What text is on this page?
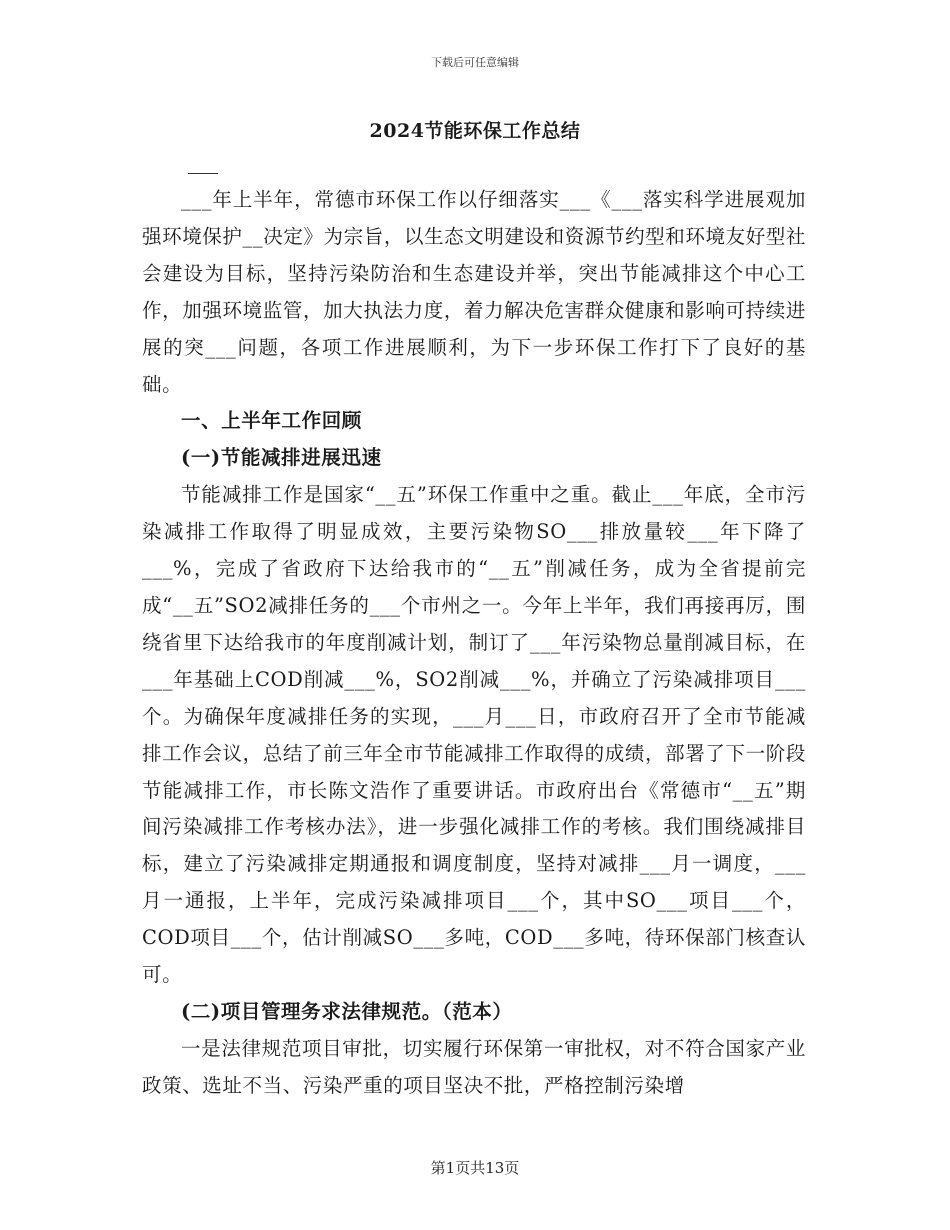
下载后可任意编辑
2024节能环保工作总结

___年上半年，常德市环保工作以仔细落实___《___落实科学进展观加强环境保护__决定》为宗旨，以生态文明建设和资源节约型和环境友好型社会建设为目标，坚持污染防治和生态建设并举，突出节能减排这个中心工作，加强环境监管，加大执法力度，着力解决危害群众健康和影响可持续进展的突___问题，各项工作进展顺利，为下一步环保工作打下了良好的基础。

一、上半年工作回顾

(一)节能减排进展迅速

节能减排工作是国家“__五”环保工作重中之重。截止___年底，全市污染减排工作取得了明显成效，主要污染物SO___排放量较___年下降了___%，完成了省政府下达给我市的“__五”削减任务，成为全省提前完成“__五”SO2减排任务的___个市州之一。今年上半年，我们再接再厉，围绕省里下达给我市的年度削减计划，制订了___年污染物总量削减目标，在___年基础上COD削减___%，SO2削减___%，并确立了污染减排项目___个。为确保年度减排任务的实现，___月___日，市政府召开了全市节能减排工作会议，总结了前三年全市节能减排工作取得的成绩，部署了下一阶段节能减排工作，市长陈文浩作了重要讲话。市政府出台《常德市“__五”期间污染减排工作考核办法》，进一步强化减排工作的考核。我们围绕减排目标，建立了污染减排定期通报和调度制度，坚持对减排___月一调度，___月一通报，上半年，完成污染减排项目___个，其中SO___项目___个，COD项目___个，估计削减SO___多吨，COD___多吨，待环保部门核查认可。

(二)项目管理务求法律规范。（范本）

一是法律规范项目审批，切实履行环保第一审批权，对不符合国家产业政策、选址不当、污染严重的项目坚决不批，严格控制污染增

第1页共13页
